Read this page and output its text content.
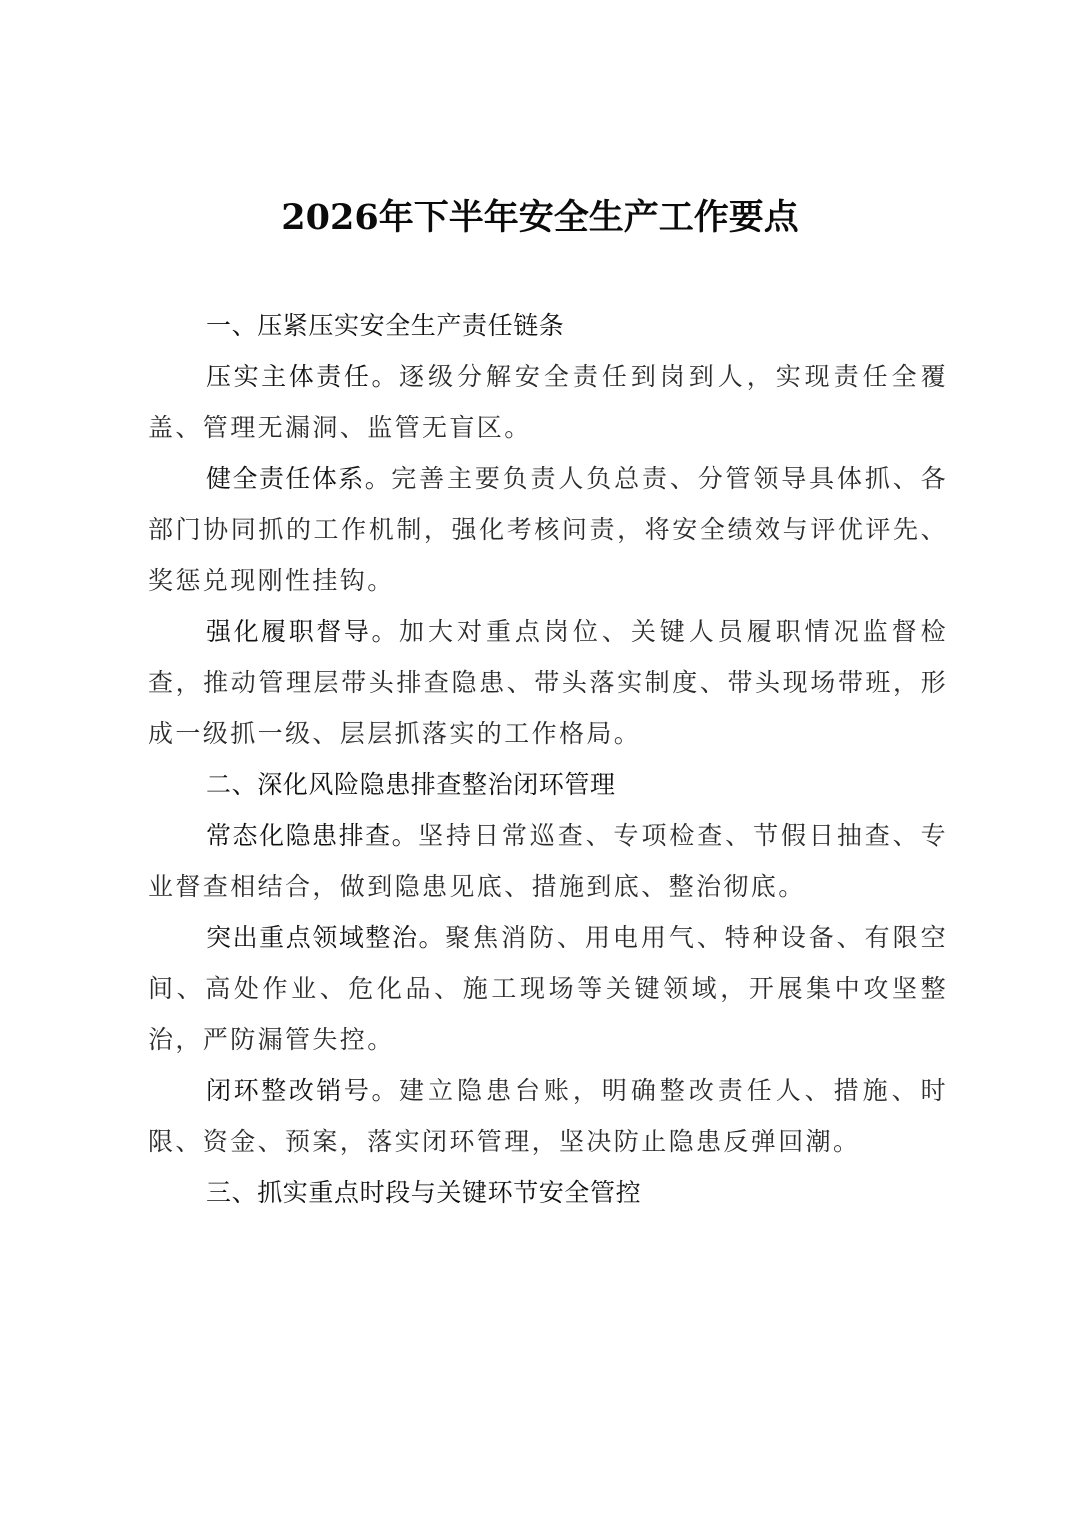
2026年下半年安全生产工作要点
一、压紧压实安全生产责任链条

压实主体责任。逐级分解安全责任到岗到人，实现责任全覆盖、管理无漏洞、监管无盲区。

健全责任体系。完善主要负责人负总责、分管领导具体抓、各部门协同抓的工作机制，强化考核问责，将安全绩效与评优评先、奖惩兑现刚性挂钩。

强化履职督导。加大对重点岗位、关键人员履职情况监督检查，推动管理层带头排查隐患、带头落实制度、带头现场带班，形成一级抓一级、层层抓落实的工作格局。

二、深化风险隐患排查整治闭环管理

常态化隐患排查。坚持日常巡查、专项检查、节假日抽查、专业督查相结合，做到隐患见底、措施到底、整治彻底。

突出重点领域整治。聚焦消防、用电用气、特种设备、有限空间、高处作业、危化品、施工现场等关键领域，开展集中攻坚整治，严防漏管失控。

闭环整改销号。建立隐患台账，明确整改责任人、措施、时限、资金、预案，落实闭环管理，坚决防止隐患反弹回潮。

三、抓实重点时段与关键环节安全管控
